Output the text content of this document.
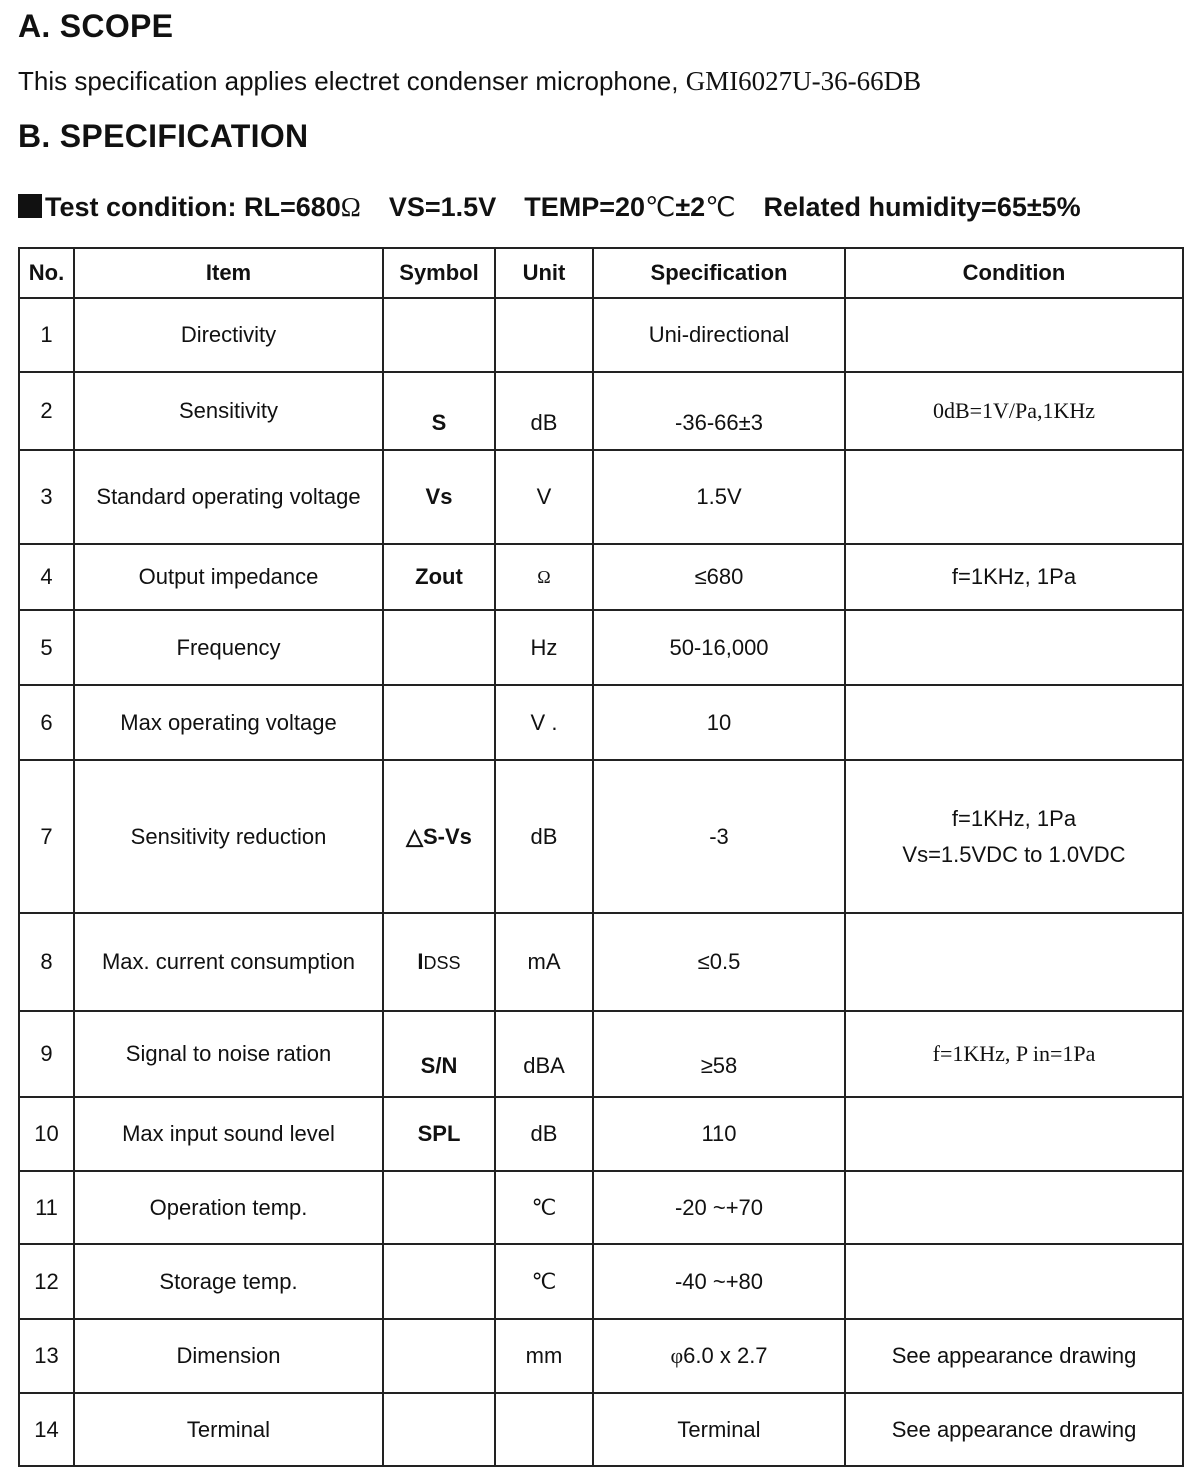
A. SCOPE
This specification applies electret condenser microphone, GMI6027U-36-66DB
B. SPECIFICATION
Test condition: RL=680Ω VS=1.5V TEMP=20℃±2℃ Related humidity=65±5%
No.	Item	Symbol	Unit	Specification	Condition
1	Directivity			Uni-directional	
2	Sensitivity	S	dB	-36-66±3	0dB=1V/Pa,1KHz
3	Standard operating voltage	Vs	V	1.5V	
4	Output impedance	Zout	Ω	≤680	f=1KHz, 1Pa
5	Frequency		Hz	50-16,000	
6	Max operating voltage		V .	10	
7	Sensitivity reduction	△S-Vs	dB	-3	f=1KHz, 1Pa
Vs=1.5VDC to 1.0VDC

8	Max. current consumption	IDSS	mA	≤0.5	
9	Signal to noise ration	S/N	dBA	≥58	f=1KHz, P in=1Pa
10	Max input sound level	SPL	dB	110	
11	Operation temp.		℃	-20 ~+70	
12	Storage temp.		℃	-40 ~+80	
13	Dimension		mm	φ6.0 x 2.7	See appearance drawing
14	Terminal			Terminal	See appearance drawing
